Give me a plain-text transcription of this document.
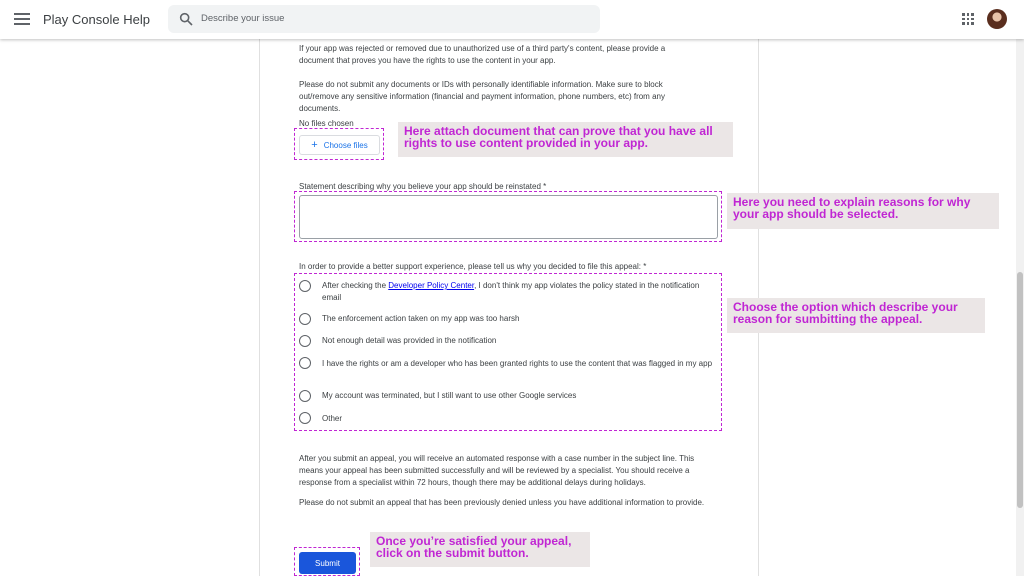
Play Console Help	Describe your issue
If your app was rejected or removed due to unauthorized use of a third party's content, please provide a document that proves you have the rights to use the content in your app.
Please do not submit any documents or IDs with personally identifiable information. Make sure to block out/remove any sensitive information (financial and payment information, phone numbers, etc) from any documents.
No files chosen
+ Choose files
Statement describing why you believe your app should be reinstated *
In order to provide a better support experience, please tell us why you decided to file this appeal: *
After checking the Developer Policy Center, I don't think my app violates the policy stated in the notification email
The enforcement action taken on my app was too harsh
Not enough detail was provided in the notification
I have the rights or am a developer who has been granted rights to use the content that was flagged in my app
My account was terminated, but I still want to use other Google services
Other
After you submit an appeal, you will receive an automated response with a case number in the subject line. This means your appeal has been submitted successfully and will be reviewed by a specialist. You should receive a response from a specialist within 72 hours, though there may be additional delays during holidays.
Please do not submit an appeal that has been previously denied unless you have additional information to provide.
Submit
Here attach document that can prove that you have all rights to use content provided in your app.
Here you need to explain reasons for why your app should be selected.
Choose the option which describe your reason for sumbitting the appeal.
Once you’re satisfied your appeal, click on the submit button.
